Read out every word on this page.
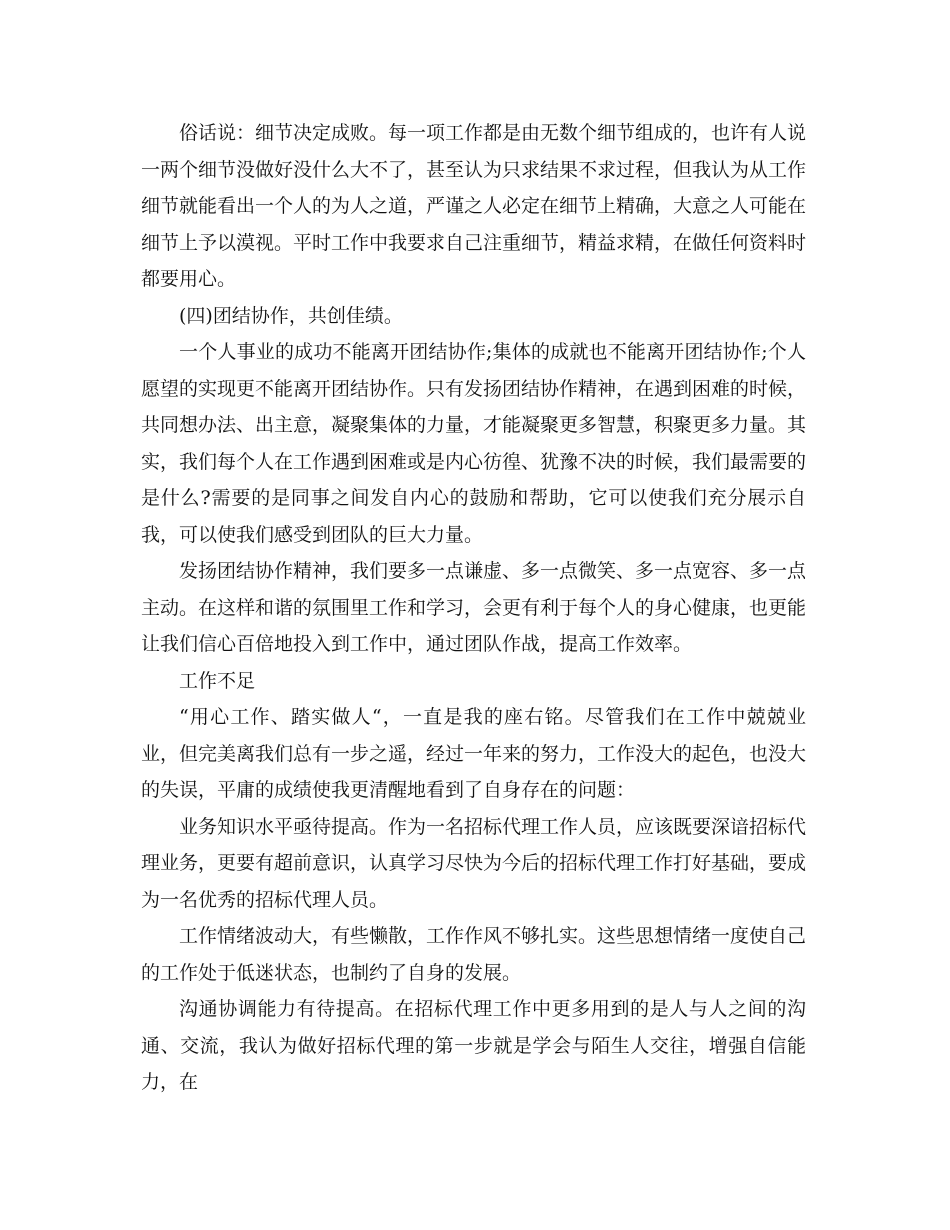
俗话说：细节决定成败。每一项工作都是由无数个细节组成的，也许有人说一两个细节没做好没什么大不了，甚至认为只求结果不求过程，但我认为从工作细节就能看出一个人的为人之道，严谨之人必定在细节上精确，大意之人可能在细节上予以漠视。平时工作中我要求自己注重细节，精益求精，在做任何资料时都要用心。

(四)团结协作，共创佳绩。

一个人事业的成功不能离开团结协作;集体的成就也不能离开团结协作;个人愿望的实现更不能离开团结协作。只有发扬团结协作精神，在遇到困难的时候，共同想办法、出主意，凝聚集体的力量，才能凝聚更多智慧，积聚更多力量。其实，我们每个人在工作遇到困难或是内心彷徨、犹豫不决的时候，我们最需要的是什么?需要的是同事之间发自内心的鼓励和帮助，它可以使我们充分展示自我，可以使我们感受到团队的巨大力量。

发扬团结协作精神，我们要多一点谦虚、多一点微笑、多一点宽容、多一点主动。在这样和谐的氛围里工作和学习，会更有利于每个人的身心健康，也更能让我们信心百倍地投入到工作中，通过团队作战，提高工作效率。

工作不足

“用心工作、踏实做人“，一直是我的座右铭。尽管我们在工作中兢兢业业，但完美离我们总有一步之遥，经过一年来的努力，工作没大的起色，也没大的失误，平庸的成绩使我更清醒地看到了自身存在的问题：

业务知识水平亟待提高。作为一名招标代理工作人员，应该既要深谙招标代理业务，更要有超前意识，认真学习尽快为今后的招标代理工作打好基础，要成为一名优秀的招标代理人员。

工作情绪波动大，有些懒散，工作作风不够扎实。这些思想情绪一度使自己的工作处于低迷状态，也制约了自身的发展。

沟通协调能力有待提高。在招标代理工作中更多用到的是人与人之间的沟通、交流，我认为做好招标代理的第一步就是学会与陌生人交往，增强自信能力，在
